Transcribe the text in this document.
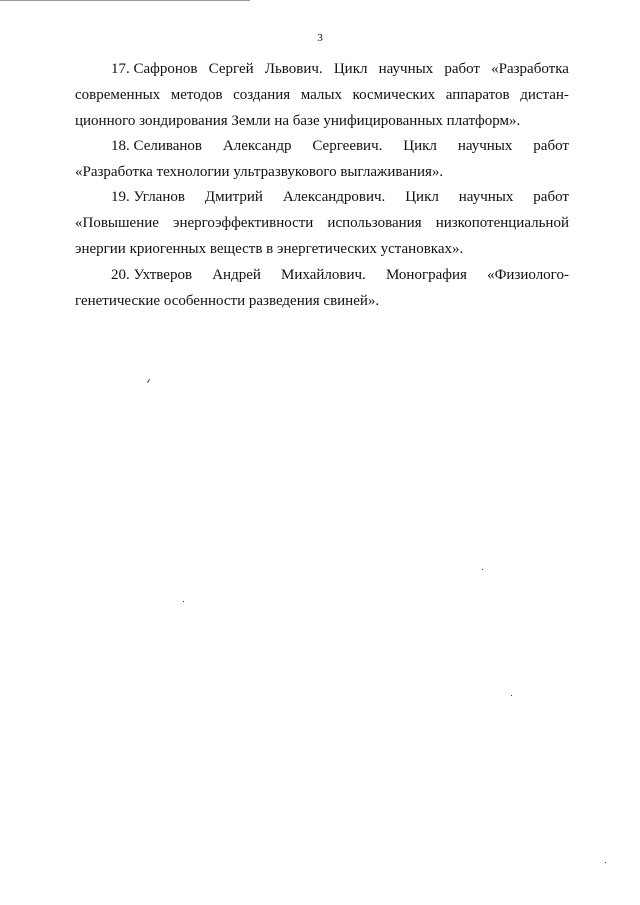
3
17. Сафронов Сергей Львович. Цикл научных работ «Разработка
современных методов создания малых космических аппаратов дистан-
ционного зондирования Земли на базе унифицированных платформ».
18. Селиванов Александр Сергеевич. Цикл научных работ
«Разработка технологии ультразвукового выглаживания».
19. Угланов Дмитрий Александрович. Цикл научных работ
«Повышение энергоэффективности использования низкопотенциальной
энергии криогенных веществ в энергетических установках».
20. Ухтверов Андрей Михайлович. Монография «Физиолого-
генетические особенности разведения свиней».
